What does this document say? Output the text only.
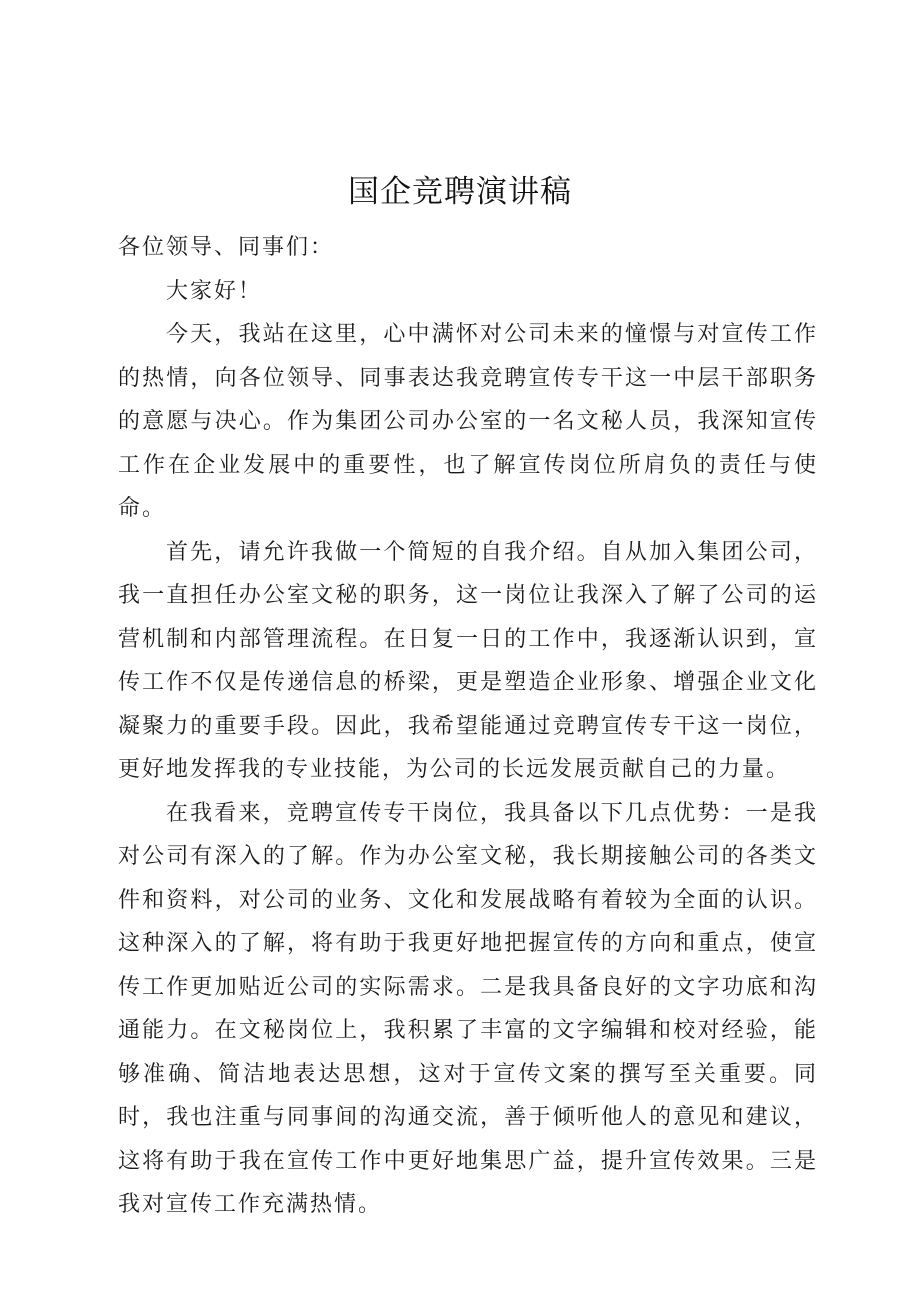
国企竞聘演讲稿

各位领导、同事们：

大家好！

今天，我站在这里，心中满怀对公司未来的憧憬与对宣传工作的热情，向各位领导、同事表达我竞聘宣传专干这一中层干部职务的意愿与决心。作为集团公司办公室的一名文秘人员，我深知宣传工作在企业发展中的重要性，也了解宣传岗位所肩负的责任与使命。

首先，请允许我做一个简短的自我介绍。自从加入集团公司，我一直担任办公室文秘的职务，这一岗位让我深入了解了公司的运营机制和内部管理流程。在日复一日的工作中，我逐渐认识到，宣传工作不仅是传递信息的桥梁，更是塑造企业形象、增强企业文化凝聚力的重要手段。因此，我希望能通过竞聘宣传专干这一岗位，更好地发挥我的专业技能，为公司的长远发展贡献自己的力量。

在我看来，竞聘宣传专干岗位，我具备以下几点优势：一是我对公司有深入的了解。作为办公室文秘，我长期接触公司的各类文件和资料，对公司的业务、文化和发展战略有着较为全面的认识。这种深入的了解，将有助于我更好地把握宣传的方向和重点，使宣传工作更加贴近公司的实际需求。二是我具备良好的文字功底和沟通能力。在文秘岗位上，我积累了丰富的文字编辑和校对经验，能够准确、简洁地表达思想，这对于宣传文案的撰写至关重要。同时，我也注重与同事间的沟通交流，善于倾听他人的意见和建议，这将有助于我在宣传工作中更好地集思广益，提升宣传效果。三是我对宣传工作充满热情。
